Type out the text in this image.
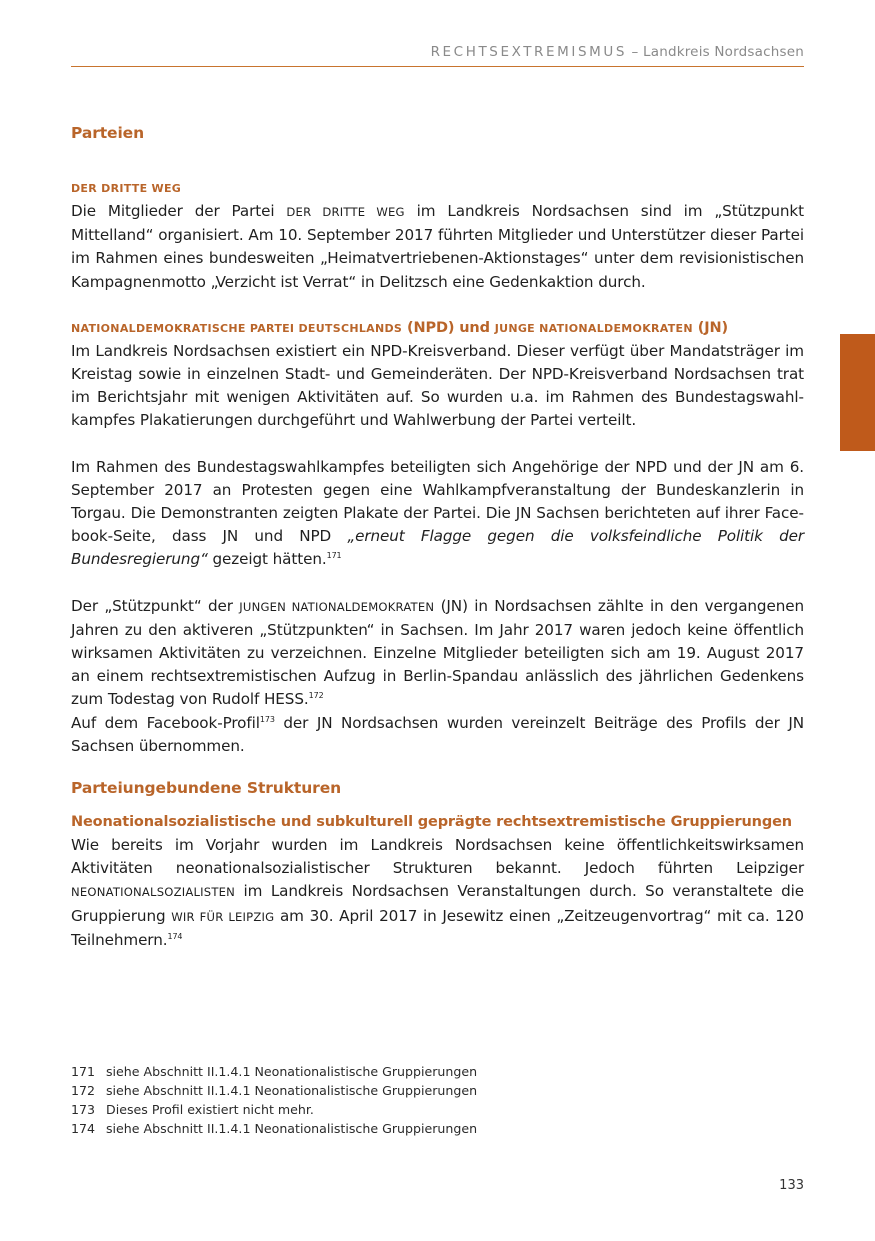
RECHTSEXTREMISMUS – Landkreis Nordsachsen
Parteien
DER DRITTE WEG

Die Mitglieder der Partei DER DRITTE WEG im Landkreis Nordsachsen sind im „Stützpunkt Mittelland“ organisiert. Am 10. September 2017 führten Mitglieder und Unterstützer dieser Partei im Rahmen eines bundesweiten „Heimatvertriebenen-Aktionstages“ unter dem revisionistischen Kampagnenmotto „Verzicht ist Verrat“ in Delitzsch eine Gedenkaktion durch.

NATIONALDEMOKRATISCHE PARTEI DEUTSCHLANDS (NPD) und JUNGE NATIONALDEMOKRATEN (JN)

Im Landkreis Nordsachsen existiert ein NPD-Kreisverband. Dieser verfügt über Mandatsträger im Kreistag sowie in einzelnen Stadt- und Gemeinderäten. Der NPD-Kreisverband Nordsachsen trat im Berichtsjahr mit wenigen Aktivitäten auf. So wurden u.a. im Rahmen des Bundestagswahlkampfes Plakatierungen durchgeführt und Wahlwerbung der Partei verteilt.

Im Rahmen des Bundestagswahlkampfes beteiligten sich Angehörige der NPD und der JN am 6. September 2017 an Protesten gegen eine Wahlkampfveranstaltung der Bundeskanzlerin in Torgau. Die Demonstranten zeigten Plakate der Partei. Die JN Sachsen berichteten auf ihrer Facebook-Seite, dass JN und NPD „erneut Flagge gegen die volksfeindliche Politik der Bundesregierung“ gezeigt hätten.$^{171}$

Der „Stützpunkt“ der JUNGEN NATIONALDEMOKRATEN (JN) in Nordsachsen zählte in den vergangenen Jahren zu den aktiveren „Stützpunkten“ in Sachsen. Im Jahr 2017 waren jedoch keine öffentlich wirksamen Aktivitäten zu verzeichnen. Einzelne Mitglieder beteiligten sich am 19. August 2017 an einem rechtsextremistischen Aufzug in Berlin-Spandau anlässlich des jährlichen Gedenkens zum Todestag von Rudolf HESS.$^{172}$

Auf dem Facebook-Profil$^{173}$ der JN Nordsachsen wurden vereinzelt Beiträge des Profils der JN Sachsen übernommen.

Parteiungebundene Strukturen
Neonationalsozialistische und subkulturell geprägte rechtsextremistische Gruppierungen

Wie bereits im Vorjahr wurden im Landkreis Nordsachsen keine öffentlichkeitswirksamen Aktivitäten neonationalsozialistischer Strukturen bekannt. Jedoch führten Leipziger NEONATIONALSOZIALISTEN im Landkreis Nordsachsen Veranstaltungen durch. So veranstaltete die Gruppierung WIR FÜR LEIPZIG am 30. April 2017 in Jesewitz einen „Zeitzeugenvortrag“ mit ca. 120 Teilnehmern.$^{174}$

171 siehe Abschnitt II.1.4.1 Neonationalistische Gruppierungen
172 siehe Abschnitt II.1.4.1 Neonationalistische Gruppierungen
173 Dieses Profil existiert nicht mehr.
174 siehe Abschnitt II.1.4.1 Neonationalistische Gruppierungen
133
